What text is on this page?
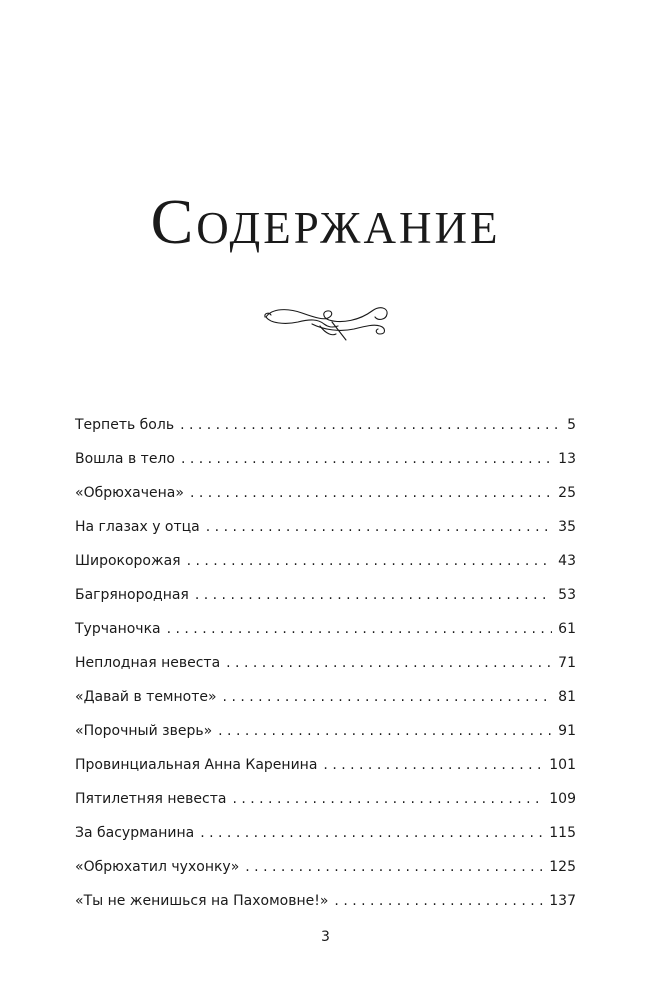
Содержание
Терпеть боль . . .	5
Вошла в тело . . .	13
«Обрюхачена» . . .	25
На глазах у отца . . .	35
Широкорожая . . .	43
Багрянородная . . .	53
Турчаночка . . .	61
Неплодная невеста . . .	71
«Давай в темноте» . . .	81
«Порочный зверь» . . .	91
Провинциальная Анна Каренина . . .	101
Пятилетняя невеста . . .	109
За басурманина . . .	115
«Обрюхатил чухонку» . . .	125
«Ты не женишься на Пахомовне!» . . .	137
3
